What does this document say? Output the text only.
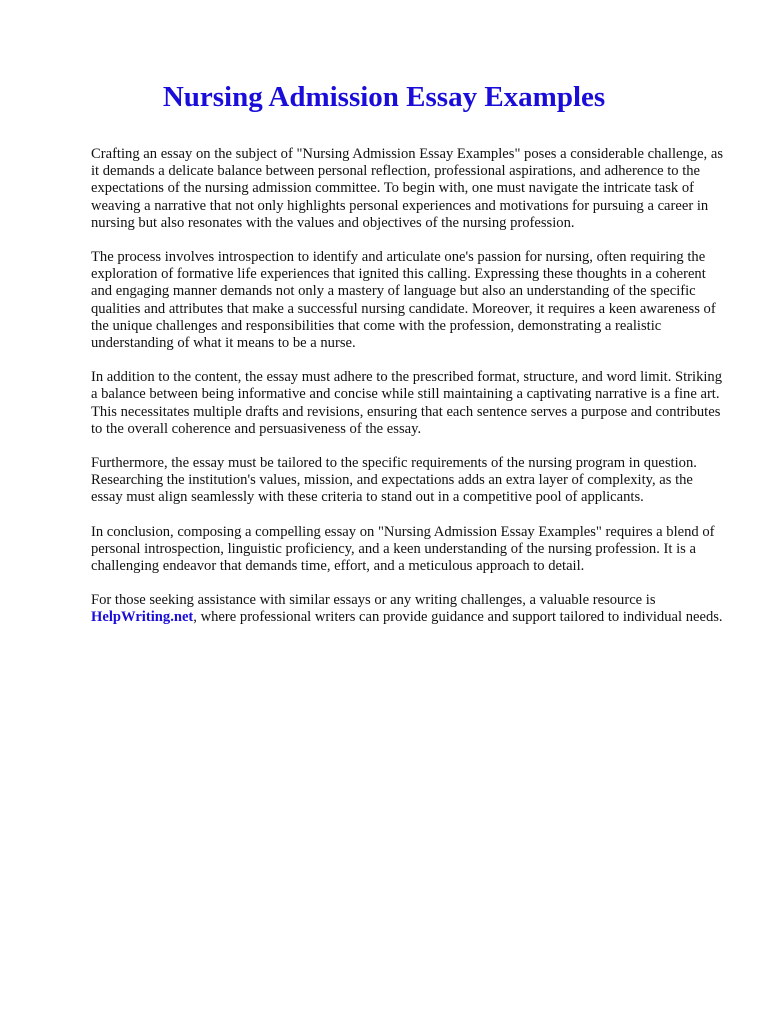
Nursing Admission Essay Examples

Crafting an essay on the subject of "Nursing Admission Essay Examples" poses a considerable challenge, as it demands a delicate balance between personal reflection, professional aspirations, and adherence to the expectations of the nursing admission committee. To begin with, one must navigate the intricate task of weaving a narrative that not only highlights personal experiences and motivations for pursuing a career in nursing but also resonates with the values and objectives of the nursing profession.

The process involves introspection to identify and articulate one's passion for nursing, often requiring the exploration of formative life experiences that ignited this calling. Expressing these thoughts in a coherent and engaging manner demands not only a mastery of language but also an understanding of the specific qualities and attributes that make a successful nursing candidate. Moreover, it requires a keen awareness of the unique challenges and responsibilities that come with the profession, demonstrating a realistic understanding of what it means to be a nurse.

In addition to the content, the essay must adhere to the prescribed format, structure, and word limit. Striking a balance between being informative and concise while still maintaining a captivating narrative is a fine art. This necessitates multiple drafts and revisions, ensuring that each sentence serves a purpose and contributes to the overall coherence and persuasiveness of the essay.

Furthermore, the essay must be tailored to the specific requirements of the nursing program in question. Researching the institution's values, mission, and expectations adds an extra layer of complexity, as the essay must align seamlessly with these criteria to stand out in a competitive pool of applicants.

In conclusion, composing a compelling essay on "Nursing Admission Essay Examples" requires a blend of personal introspection, linguistic proficiency, and a keen understanding of the nursing profession. It is a challenging endeavor that demands time, effort, and a meticulous approach to detail.

For those seeking assistance with similar essays or any writing challenges, a valuable resource is HelpWriting.net, where professional writers can provide guidance and support tailored to individual needs.
